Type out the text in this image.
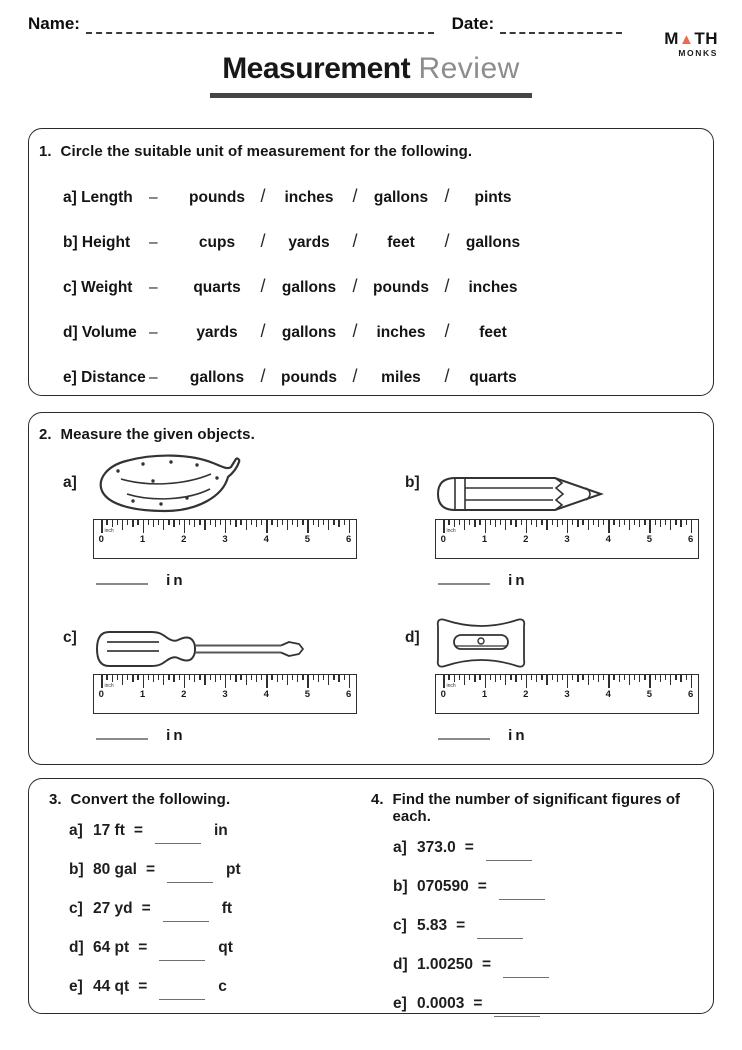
Name:	Date:
M▲TH
MONKS
Measurement Review
1. Circle the suitable unit of measurement for the following.
a] Length	–	pounds /	inches	/	gallons /	pints
b] Height	–	cups	/	yards	/	feet	/	gallons
c] Weight	–	quarts	/	gallons /	pounds /	inches
d] Volume –	yards	/	gallons /	inches	/	feet
e] Distance –	gallons /	pounds /	miles	/	quarts
2. Measure the given objects.
a]
0	1	2	3	4	5	6
inch
in
b]
0	1	2	3	4	5	6
inch
in
c]
0	1	2	3	4	5	6
inch
in
d]
0	1	2	3	4	5	6
inch
in
3. Convert the following.
a] 17 ft =	in
b] 80 gal =	pt
c] 27 yd =	ft
d] 64 pt =	qt
e] 44 qt =	c
4. Find the number of significant figures of each.
a] 373.0 =
b] 070590 =
c] 5.83 =
d] 1.00250 =
e] 0.0003 =
